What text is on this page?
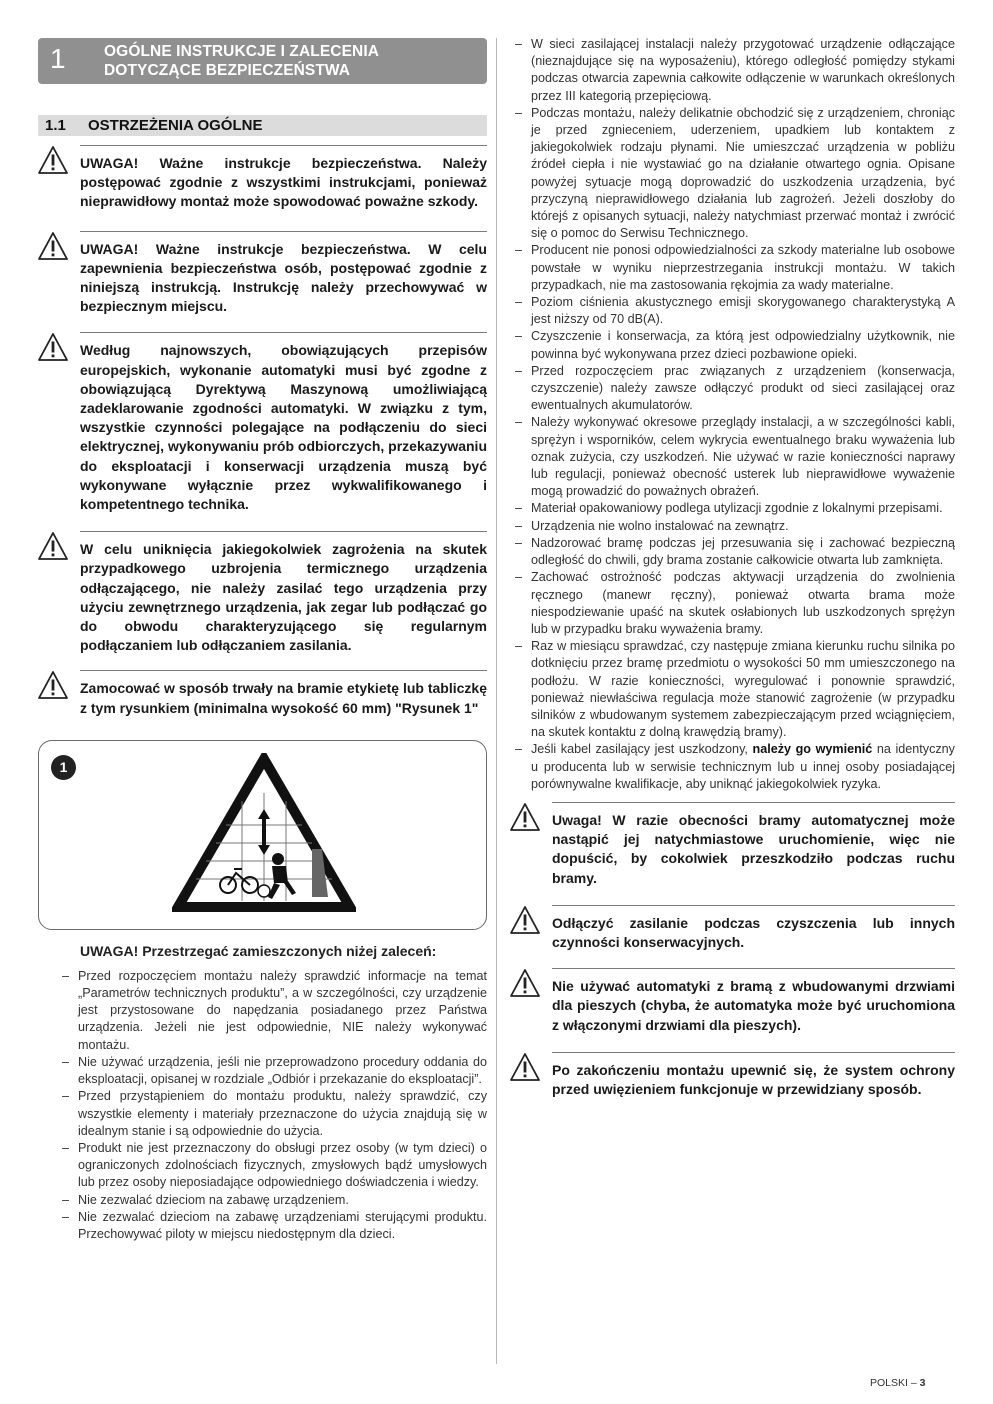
1 OGÓLNE INSTRUKCJE I ZALECENIA
DOTYCZĄCE BEZPIECZEŃSTWA
1.1 OSTRZEŻENIA OGÓLNE
UWAGA! Ważne instrukcje bezpieczeństwa. Należy postępować zgodnie z wszystkimi instrukcjami, ponieważ nieprawidłowy montaż może spowodować poważne szkody.
UWAGA! Ważne instrukcje bezpieczeństwa. W celu zapewnienia bezpieczeństwa osób, postępować zgodnie z niniejszą instrukcją. Instrukcję należy przechowywać w bezpiecznym miejscu.
Według najnowszych, obowiązujących przepisów europejskich, wykonanie automatyki musi być zgodne z obowiązującą Dyrektywą Maszynową umożliwiającą zadeklarowanie zgodności automatyki. W związku z tym, wszystkie czynności polegające na podłączeniu do sieci elektrycznej, wykonywaniu prób odbiorczych, przekazywaniu do eksploatacji i konserwacji urządzenia muszą być wykonywane wyłącznie przez wykwalifikowanego i kompetentnego technika.
W celu uniknięcia jakiegokolwiek zagrożenia na skutek przypadkowego uzbrojenia termicznego urządzenia odłączającego, nie należy zasilać tego urządzenia przy użyciu zewnętrznego urządzenia, jak zegar lub podłączać go do obwodu charakteryzującego się regularnym podłączaniem lub odłączaniem zasilania.
Zamocować w sposób trwały na bramie etykietę lub tabliczkę z tym rysunkiem (minimalna wysokość 60 mm) "Rysunek 1"
1
UWAGA! Przestrzegać zamieszczonych niżej zaleceń:
– Przed rozpoczęciem montażu należy sprawdzić informacje na temat „Parametrów technicznych produktu”, a w szczególności, czy urządzenie jest przystosowane do napędzania posiadanego przez Państwa urządzenia. Jeżeli nie jest odpowiednie, NIE należy wykonywać montażu.
– Nie używać urządzenia, jeśli nie przeprowadzono procedury oddania do eksploatacji, opisanej w rozdziale „Odbiór i przekazanie do eksploatacji”.
– Przed przystąpieniem do montażu produktu, należy sprawdzić, czy wszystkie elementy i materiały przeznaczone do użycia znajdują się w idealnym stanie i są odpowiednie do użycia.
– Produkt nie jest przeznaczony do obsługi przez osoby (w tym dzieci) o ograniczonych zdolnościach fizycznych, zmysłowych bądź umysłowych lub przez osoby nieposiadające odpowiedniego doświadczenia i wiedzy.
– Nie zezwalać dzieciom na zabawę urządzeniem.
– Nie zezwalać dzieciom na zabawę urządzeniami sterującymi produktu. Przechowywać piloty w miejscu niedostępnym dla dzieci.
– W sieci zasilającej instalacji należy przygotować urządzenie odłączające (nieznajdujące się na wyposażeniu), którego odległość pomiędzy stykami podczas otwarcia zapewnia całkowite odłączenie w warunkach określonych przez III kategorią przepięciową.
– Podczas montażu, należy delikatnie obchodzić się z urządzeniem, chroniąc je przed zgnieceniem, uderzeniem, upadkiem lub kontaktem z jakiegokolwiek rodzaju płynami. Nie umieszczać urządzenia w pobliżu źródeł ciepła i nie wystawiać go na działanie otwartego ognia. Opisane powyżej sytuacje mogą doprowadzić do uszkodzenia urządzenia, być przyczyną nieprawidłowego działania lub zagrożeń. Jeżeli doszłoby do którejś z opisanych sytuacji, należy natychmiast przerwać montaż i zwrócić się o pomoc do Serwisu Technicznego.
– Producent nie ponosi odpowiedzialności za szkody materialne lub osobowe powstałe w wyniku nieprzestrzegania instrukcji montażu. W takich przypadkach, nie ma zastosowania rękojmia za wady materialne.
– Poziom ciśnienia akustycznego emisji skorygowanego charakterystyką A jest niższy od 70 dB(A).
– Czyszczenie i konserwacja, za którą jest odpowiedzialny użytkownik, nie powinna być wykonywana przez dzieci pozbawione opieki.
– Przed rozpoczęciem prac związanych z urządzeniem (konserwacja, czyszczenie) należy zawsze odłączyć produkt od sieci zasilającej oraz ewentualnych akumulatorów.
– Należy wykonywać okresowe przeglądy instalacji, a w szczególności kabli, sprężyn i wsporników, celem wykrycia ewentualnego braku wyważenia lub oznak zużycia, czy uszkodzeń. Nie używać w razie konieczności naprawy lub regulacji, ponieważ obecność usterek lub nieprawidłowe wyważenie mogą prowadzić do poważnych obrażeń.
– Materiał opakowaniowy podlega utylizacji zgodnie z lokalnymi przepisami.
– Urządzenia nie wolno instalować na zewnątrz.
– Nadzorować bramę podczas jej przesuwania się i zachować bezpieczną odległość do chwili, gdy brama zostanie całkowicie otwarta lub zamknięta.
– Zachować ostrożność podczas aktywacji urządzenia do zwolnienia ręcznego (manewr ręczny), ponieważ otwarta brama może niespodziewanie upaść na skutek osłabionych lub uszkodzonych sprężyn lub w przypadku braku wyważenia bramy.
– Raz w miesiącu sprawdzać, czy następuje zmiana kierunku ruchu silnika po dotknięciu przez bramę przedmiotu o wysokości 50 mm umieszczonego na podłożu. W razie konieczności, wyregulować i ponownie sprawdzić, ponieważ niewłaściwa regulacja może stanowić zagrożenie (w przypadku silników z wbudowanym systemem zabezpieczającym przed wciągnięciem, na skutek kontaktu z dolną krawędzią bramy).
– Jeśli kabel zasilający jest uszkodzony, należy go wymienić na identyczny u producenta lub w serwisie technicznym lub u innej osoby posiadającej porównywalne kwalifikacje, aby uniknąć jakiegokolwiek ryzyka.
Uwaga! W razie obecności bramy automatycznej może nastąpić jej natychmiastowe uruchomienie, więc nie dopuścić, by cokolwiek przeszkodziło podczas ruchu bramy.
Odłączyć zasilanie podczas czyszczenia lub innych czynności konserwacyjnych.
Nie używać automatyki z bramą z wbudowanymi drzwiami dla pieszych (chyba, że automatyka może być uruchomiona z włączonymi drzwiami dla pieszych).
Po zakończeniu montażu upewnić się, że system ochrony przed uwięzieniem funkcjonuje w przewidziany sposób.
POLSKI – 3
